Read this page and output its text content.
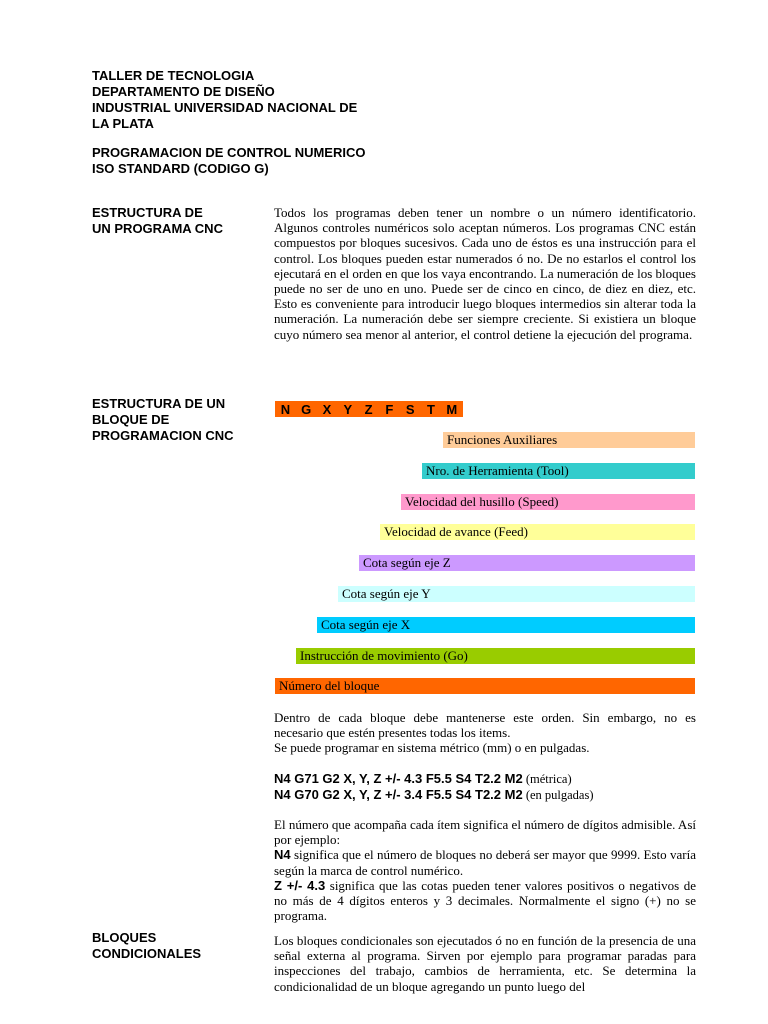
TALLER DE TECNOLOGIA
DEPARTAMENTO DE DISEÑO
INDUSTRIAL UNIVERSIDAD NACIONAL DE
LA PLATA
PROGRAMACION DE CONTROL NUMERICO
ISO STANDARD (CODIGO G)
ESTRUCTURA DE
UN PROGRAMA CNC
Todos los programas deben tener un nombre o un número identificatorio. Algunos controles numéricos solo aceptan números. Los programas CNC están compuestos por bloques sucesivos. Cada uno de éstos es una instrucción para el control. Los bloques pueden estar numerados ó no. De no estarlos el control los ejecutará en el orden en que los vaya encontrando. La numeración de los bloques puede no ser de uno en uno. Puede ser de cinco en cinco, de diez en diez, etc. Esto es conveniente para introducir luego bloques intermedios sin alterar toda la numeración. La numeración debe ser siempre creciente. Si existiera un bloque cuyo número sea menor al anterior, el control detiene la ejecución del programa.
ESTRUCTURA DE UN
BLOQUE DE
PROGRAMACION CNC
N G X Y Z F S T M
Funciones Auxiliares
Nro. de Herramienta (Tool)
Velocidad del husillo (Speed)
Velocidad de avance (Feed)
Cota según eje Z
Cota según eje Y
Cota según eje X
Instrucción de movimiento (Go)
Número del bloque
Dentro de cada bloque debe mantenerse este orden. Sin embargo, no es necesario que estén presentes todas los items.
Se puede programar en sistema métrico (mm) o en pulgadas.
N4 G71 G2 X, Y, Z +/- 4.3 F5.5 S4 T2.2 M2 (métrica)
N4 G70 G2 X, Y, Z +/- 3.4 F5.5 S4 T2.2 M2 (en pulgadas)
El número que acompaña cada ítem significa el número de dígitos admisible. Así por ejemplo:
N4 significa que el número de bloques no deberá ser mayor que 9999. Esto varía según la marca de control numérico.
Z +/- 4.3 significa que las cotas pueden tener valores positivos o negativos de no más de 4 dígitos enteros y 3 decimales. Normalmente el signo (+) no se programa.
BLOQUES
CONDICIONALES
Los bloques condicionales son ejecutados ó no en función de la presencia de una señal externa al programa. Sirven por ejemplo para programar paradas para inspecciones del trabajo, cambios de herramienta, etc. Se determina la condicionalidad de un bloque agregando un punto luego del
